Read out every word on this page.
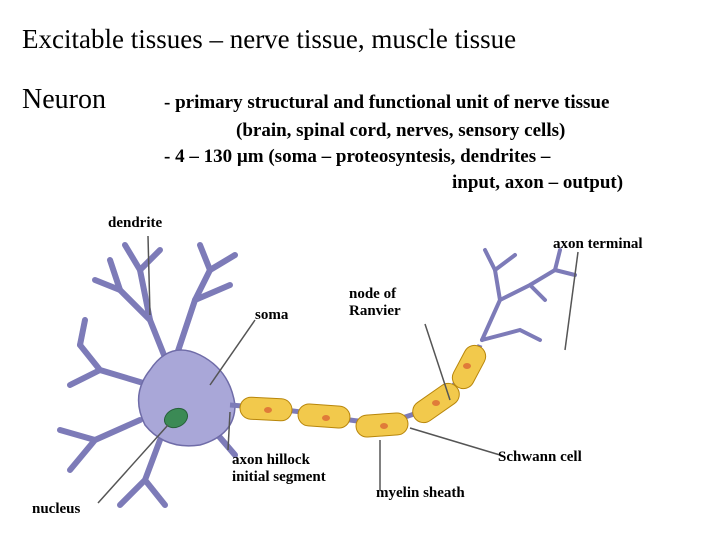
Excitable tissues – nerve tissue, muscle tissue
Neuron	- primary structural and functional unit of nerve tissue
(brain, spinal cord, nerves, sensory cells)
- 4 – 130 µm (soma – proteosyntesis, dendrites –
input, axon – output)
dendrite
axon terminal
soma
node of
Ranvier
axon hillock
initial segment
Schwann cell
myelin sheath
nucleus
